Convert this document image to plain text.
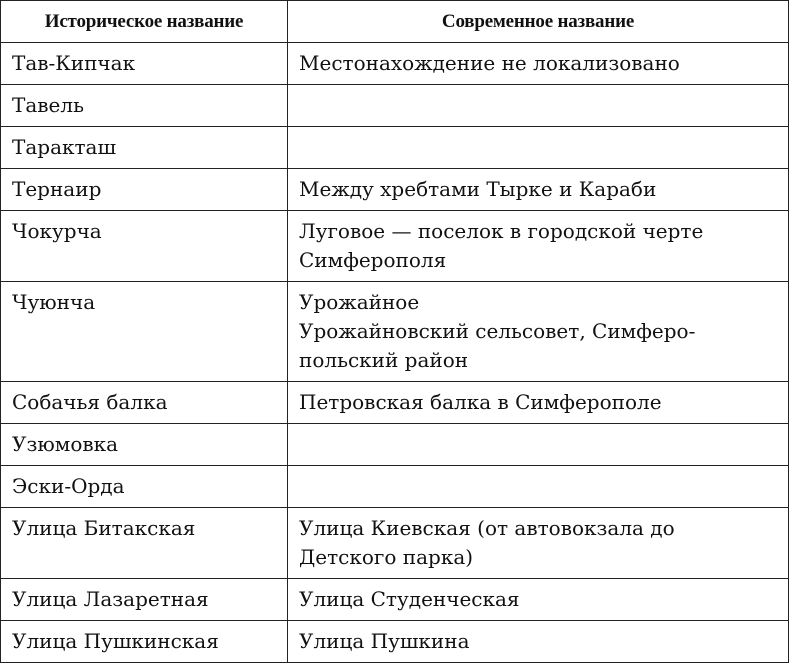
Историческое название	Современное название
Тав-Кипчак	Местонахождение не локализовано

Тавель	
Таракташ	
Тернаир	Между хребтами Тырке и Караби

Чокурча	Луговое — поселок в городской черте
Симферополя

Чуюнча	Урожайное
Урожайновский сельсовет, Симферо-
польский район

Собачья балка	Петровская балка в Симферополе

Узюмовка	
Эски-Орда	
Улица Битакская	Улица Киевская (от автовокзала до
Детского парка)

Улица Лазаретная	Улица Студенческая

Улица Пушкинская	Улица Пушкина
